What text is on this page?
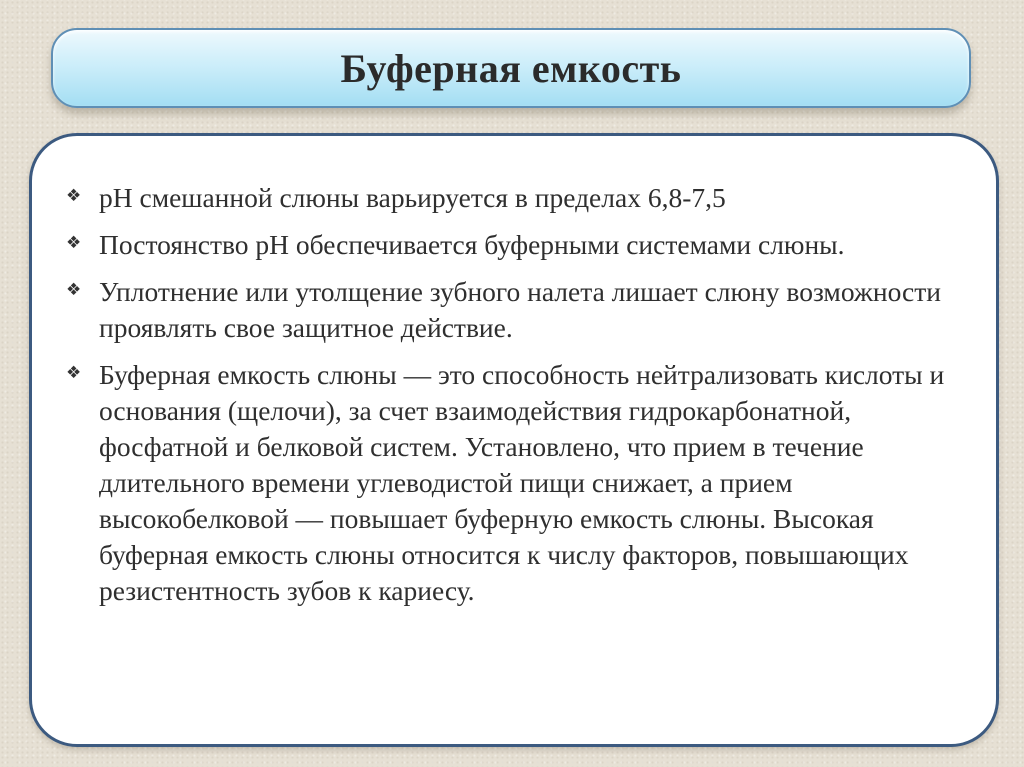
Буферная емкость
❖ pH смешанной слюны варьируется в пределах 6,8-7,5
❖ Постоянство pH обеспечивается буферными системами слюны.
❖ Уплотнение или утолщение зубного налета лишает слюну возможности проявлять свое защитное действие.
❖ Буферная емкость слюны — это способность нейтрализовать кислоты и основания (щелочи), за счет взаимодействия гидрокарбонатной, фосфатной и белковой систем. Установлено, что прием в течение длительного времени углеводистой пищи снижает, а прием высокобелковой — повышает буферную емкость слюны. Высокая буферная емкость слюны относится к числу факторов, повышающих резистентность зубов к кариесу.
